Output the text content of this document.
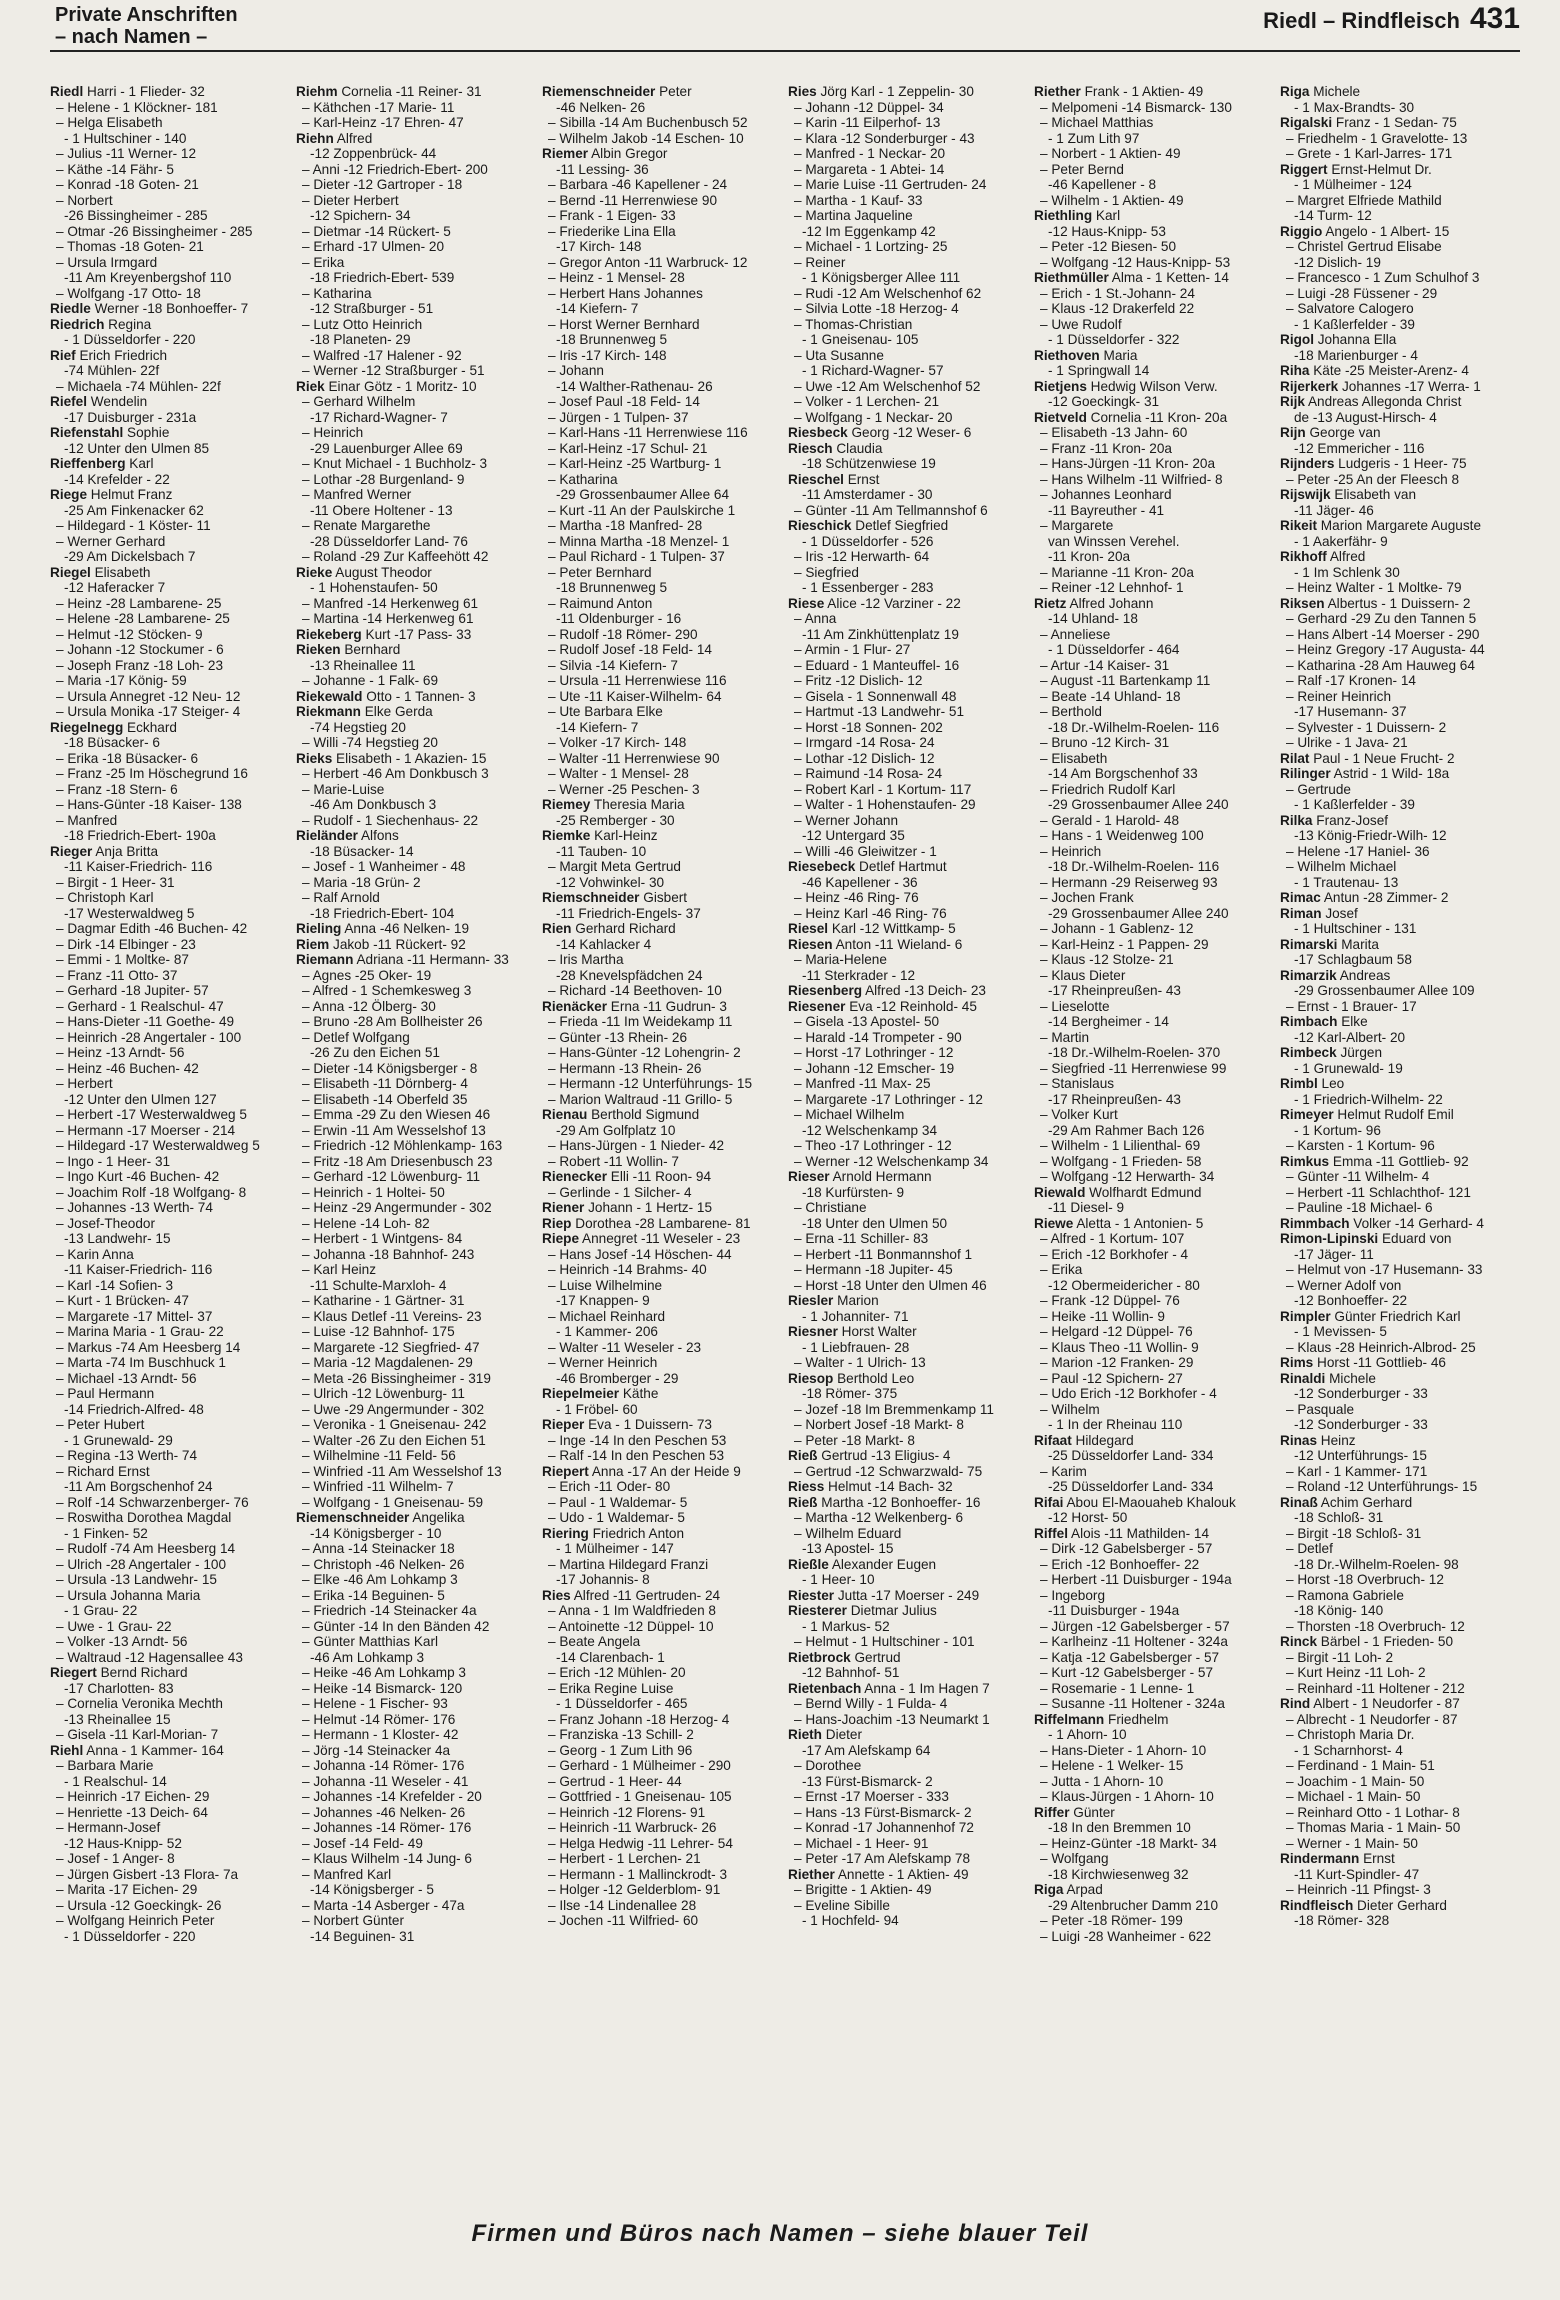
Private Anschriften
– nach Namen –
Riedl – Rindfleisch 431
Riedl Harri - 1 Flieder- 32
– Helene - 1 Klöckner- 181
– Helga Elisabeth
- 1 Hultschiner - 140
– Julius -11 Werner- 12
– Käthe -14 Fähr- 5
– Konrad -18 Goten- 21
– Norbert
-26 Bissingheimer - 285
– Otmar -26 Bissingheimer - 285
– Thomas -18 Goten- 21
– Ursula Irmgard
-11 Am Kreyenbergshof 110
– Wolfgang -17 Otto- 18
Riedle Werner -18 Bonhoeffer- 7
Riedrich Regina
- 1 Düsseldorfer - 220
Rief Erich Friedrich
-74 Mühlen- 22f
– Michaela -74 Mühlen- 22f
Riefel Wendelin
-17 Duisburger - 231a
Riefenstahl Sophie
-12 Unter den Ulmen 85
Rieffenberg Karl
-14 Krefelder - 22
Riege Helmut Franz
-25 Am Finkenacker 62
– Hildegard - 1 Köster- 11
– Werner Gerhard
-29 Am Dickelsbach 7
Riegel Elisabeth
-12 Haferacker 7
– Heinz -28 Lambarene- 25
– Helene -28 Lambarene- 25
– Helmut -12 Stöcken- 9
– Johann -12 Stockumer - 6
– Joseph Franz -18 Loh- 23
– Maria -17 König- 59
– Ursula Annegret -12 Neu- 12
– Ursula Monika -17 Steiger- 4
Riegelnegg Eckhard
-18 Büsacker- 6
– Erika -18 Büsacker- 6
– Franz -25 Im Höschegrund 16
– Franz -18 Stern- 6
– Hans-Günter -18 Kaiser- 138
– Manfred
-18 Friedrich-Ebert- 190a
Rieger Anja Britta
-11 Kaiser-Friedrich- 116
– Birgit - 1 Heer- 31
– Christoph Karl
-17 Westerwaldweg 5
– Dagmar Edith -46 Buchen- 42
– Dirk -14 Elbinger - 23
– Emmi - 1 Moltke- 87
– Franz -11 Otto- 37
– Gerhard -18 Jupiter- 57
– Gerhard - 1 Realschul- 47
– Hans-Dieter -11 Goethe- 49
– Heinrich -28 Angertaler - 100
– Heinz -13 Arndt- 56
– Heinz -46 Buchen- 42
– Herbert
-12 Unter den Ulmen 127
– Herbert -17 Westerwaldweg 5
– Hermann -17 Moerser - 214
– Hildegard -17 Westerwaldweg 5
– Ingo - 1 Heer- 31
– Ingo Kurt -46 Buchen- 42
– Joachim Rolf -18 Wolfgang- 8
– Johannes -13 Werth- 74
– Josef-Theodor
-13 Landwehr- 15
– Karin Anna
-11 Kaiser-Friedrich- 116
– Karl -14 Sofien- 3
– Kurt - 1 Brücken- 47
– Margarete -17 Mittel- 37
– Marina Maria - 1 Grau- 22
– Markus -74 Am Heesberg 14
– Marta -74 Im Buschhuck 1
– Michael -13 Arndt- 56
– Paul Hermann
-14 Friedrich-Alfred- 48
– Peter Hubert
- 1 Grunewald- 29
– Regina -13 Werth- 74
– Richard Ernst
-11 Am Borgschenhof 24
– Rolf -14 Schwarzenberger- 76
– Roswitha Dorothea Magdal
- 1 Finken- 52
– Rudolf -74 Am Heesberg 14
– Ulrich -28 Angertaler - 100
– Ursula -13 Landwehr- 15
– Ursula Johanna Maria
- 1 Grau- 22
– Uwe - 1 Grau- 22
– Volker -13 Arndt- 56
– Waltraud -12 Hagensallee 43
Riegert Bernd Richard
-17 Charlotten- 83
– Cornelia Veronika Mechth
-13 Rheinallee 15
– Gisela -11 Karl-Morian- 7
Riehl Anna - 1 Kammer- 164
– Barbara Marie
- 1 Realschul- 14
– Heinrich -17 Eichen- 29
– Henriette -13 Deich- 64
– Hermann-Josef
-12 Haus-Knipp- 52
– Josef - 1 Anger- 8
– Jürgen Gisbert -13 Flora- 7a
– Marita -17 Eichen- 29
– Ursula -12 Goeckingk- 26
– Wolfgang Heinrich Peter
- 1 Düsseldorfer - 220
Riehm Cornelia -11 Reiner- 31
– Käthchen -17 Marie- 11
– Karl-Heinz -17 Ehren- 47
Riehn Alfred
-12 Zoppenbrück- 44
– Anni -12 Friedrich-Ebert- 200
– Dieter -12 Gartroper - 18
– Dieter Herbert
-12 Spichern- 34
– Dietmar -14 Rückert- 5
– Erhard -17 Ulmen- 20
– Erika
-18 Friedrich-Ebert- 539
– Katharina
-12 Straßburger - 51
– Lutz Otto Heinrich
-18 Planeten- 29
– Walfred -17 Halener - 92
– Werner -12 Straßburger - 51
Riek Einar Götz - 1 Moritz- 10
– Gerhard Wilhelm
-17 Richard-Wagner- 7
– Heinrich
-29 Lauenburger Allee 69
– Knut Michael - 1 Buchholz- 3
– Lothar -28 Burgenland- 9
– Manfred Werner
-11 Obere Holtener - 13
– Renate Margarethe
-28 Düsseldorfer Land- 76
– Roland -29 Zur Kaffeehött 42
Rieke August Theodor
- 1 Hohenstaufen- 50
– Manfred -14 Herkenweg 61
– Martina -14 Herkenweg 61
Riekeberg Kurt -17 Pass- 33
Rieken Bernhard
-13 Rheinallee 11
– Johanne - 1 Falk- 69
Riekewald Otto - 1 Tannen- 3
Riekmann Elke Gerda
-74 Hegstieg 20
– Willi -74 Hegstieg 20
Rieks Elisabeth - 1 Akazien- 15
– Herbert -46 Am Donkbusch 3
– Marie-Luise
-46 Am Donkbusch 3
– Rudolf - 1 Siechenhaus- 22
Rieländer Alfons
-18 Büsacker- 14
– Josef - 1 Wanheimer - 48
– Maria -18 Grün- 2
– Ralf Arnold
-18 Friedrich-Ebert- 104
Rieling Anna -46 Nelken- 19
Riem Jakob -11 Rückert- 92
Riemann Adriana -11 Hermann- 33
– Agnes -25 Oker- 19
– Alfred - 1 Schemkesweg 3
– Anna -12 Ölberg- 30
– Bruno -28 Am Bollheister 26
– Detlef Wolfgang
-26 Zu den Eichen 51
– Dieter -14 Königsberger - 8
– Elisabeth -11 Dörnberg- 4
– Elisabeth -14 Oberfeld 35
– Emma -29 Zu den Wiesen 46
– Erwin -11 Am Wesselshof 13
– Friedrich -12 Möhlenkamp- 163
– Fritz -18 Am Driesenbusch 23
– Gerhard -12 Löwenburg- 11
– Heinrich - 1 Holtei- 50
– Heinz -29 Angermunder - 302
– Helene -14 Loh- 82
– Herbert - 1 Wintgens- 84
– Johanna -18 Bahnhof- 243
– Karl Heinz
-11 Schulte-Marxloh- 4
– Katharine - 1 Gärtner- 31
– Klaus Detlef -11 Vereins- 23
– Luise -12 Bahnhof- 175
– Margarete -12 Siegfried- 47
– Maria -12 Magdalenen- 29
– Meta -26 Bissingheimer - 319
– Ulrich -12 Löwenburg- 11
– Uwe -29 Angermunder - 302
– Veronika - 1 Gneisenau- 242
– Walter -26 Zu den Eichen 51
– Wilhelmine -11 Feld- 56
– Winfried -11 Am Wesselshof 13
– Winfried -11 Wilhelm- 7
– Wolfgang - 1 Gneisenau- 59
Riemenschneider Angelika
-14 Königsberger - 10
– Anna -14 Steinacker 18
– Christoph -46 Nelken- 26
– Elke -46 Am Lohkamp 3
– Erika -14 Beguinen- 5
– Friedrich -14 Steinacker 4a
– Günter -14 In den Bänden 42
– Günter Matthias Karl
-46 Am Lohkamp 3
– Heike -46 Am Lohkamp 3
– Heike -14 Bismarck- 120
– Helene - 1 Fischer- 93
– Helmut -14 Römer- 176
– Hermann - 1 Kloster- 42
– Jörg -14 Steinacker 4a
– Johanna -14 Römer- 176
– Johanna -11 Weseler - 41
– Johannes -14 Krefelder - 20
– Johannes -46 Nelken- 26
– Johannes -14 Römer- 176
– Josef -14 Feld- 49
– Klaus Wilhelm -14 Jung- 6
– Manfred Karl
-14 Königsberger - 5
– Marta -14 Asberger - 47a
– Norbert Günter
-14 Beguinen- 31
Riemenschneider Peter
-46 Nelken- 26
– Sibilla -14 Am Buchenbusch 52
– Wilhelm Jakob -14 Eschen- 10
Riemer Albin Gregor
-11 Lessing- 36
– Barbara -46 Kapellener - 24
– Bernd -11 Herrenwiese 90
– Frank - 1 Eigen- 33
– Friederike Lina Ella
-17 Kirch- 148
– Gregor Anton -11 Warbruck- 12
– Heinz - 1 Mensel- 28
– Herbert Hans Johannes
-14 Kiefern- 7
– Horst Werner Bernhard
-18 Brunnenweg 5
– Iris -17 Kirch- 148
– Johann
-14 Walther-Rathenau- 26
– Josef Paul -18 Feld- 14
– Jürgen - 1 Tulpen- 37
– Karl-Hans -11 Herrenwiese 116
– Karl-Heinz -17 Schul- 21
– Karl-Heinz -25 Wartburg- 1
– Katharina
-29 Grossenbaumer Allee 64
– Kurt -11 An der Paulskirche 1
– Martha -18 Manfred- 28
– Minna Martha -18 Menzel- 1
– Paul Richard - 1 Tulpen- 37
– Peter Bernhard
-18 Brunnenweg 5
– Raimund Anton
-11 Oldenburger - 16
– Rudolf -18 Römer- 290
– Rudolf Josef -18 Feld- 14
– Silvia -14 Kiefern- 7
– Ursula -11 Herrenwiese 116
– Ute -11 Kaiser-Wilhelm- 64
– Ute Barbara Elke
-14 Kiefern- 7
– Volker -17 Kirch- 148
– Walter -11 Herrenwiese 90
– Walter - 1 Mensel- 28
– Werner -25 Peschen- 3
Riemey Theresia Maria
-25 Remberger - 30
Riemke Karl-Heinz
-11 Tauben- 10
– Margit Meta Gertrud
-12 Vohwinkel- 30
Riemschneider Gisbert
-11 Friedrich-Engels- 37
Rien Gerhard Richard
-14 Kahlacker 4
– Iris Martha
-28 Knevelspfädchen 24
– Richard -14 Beethoven- 10
Rienäcker Erna -11 Gudrun- 3
– Frieda -11 Im Weidekamp 11
– Günter -13 Rhein- 26
– Hans-Günter -12 Lohengrin- 2
– Hermann -13 Rhein- 26
– Hermann -12 Unterführungs- 15
– Marion Waltraud -11 Grillo- 5
Rienau Berthold Sigmund
-29 Am Golfplatz 10
– Hans-Jürgen - 1 Nieder- 42
– Robert -11 Wollin- 7
Rienecker Elli -11 Roon- 94
– Gerlinde - 1 Silcher- 4
Riener Johann - 1 Hertz- 15
Riep Dorothea -28 Lambarene- 81
Riepe Annegret -11 Weseler - 23
– Hans Josef -14 Höschen- 44
– Heinrich -14 Brahms- 40
– Luise Wilhelmine
-17 Knappen- 9
– Michael Reinhard
- 1 Kammer- 206
– Walter -11 Weseler - 23
– Werner Heinrich
-46 Bromberger - 29
Riepelmeier Käthe
- 1 Fröbel- 60
Rieper Eva - 1 Duissern- 73
– Inge -14 In den Peschen 53
– Ralf -14 In den Peschen 53
Riepert Anna -17 An der Heide 9
– Erich -11 Oder- 80
– Paul - 1 Waldemar- 5
– Udo - 1 Waldemar- 5
Riering Friedrich Anton
- 1 Mülheimer - 147
– Martina Hildegard Franzi
-17 Johannis- 8
Ries Alfred -11 Gertruden- 24
– Anna - 1 Im Waldfrieden 8
– Antoinette -12 Düppel- 10
– Beate Angela
-14 Clarenbach- 1
– Erich -12 Mühlen- 20
– Erika Regine Luise
- 1 Düsseldorfer - 465
– Franz Johann -18 Herzog- 4
– Franziska -13 Schill- 2
– Georg - 1 Zum Lith 96
– Gerhard - 1 Mülheimer - 290
– Gertrud - 1 Heer- 44
– Gottfried - 1 Gneisenau- 105
– Heinrich -12 Florens- 91
– Heinrich -11 Warbruck- 26
– Helga Hedwig -11 Lehrer- 54
– Herbert - 1 Lerchen- 21
– Hermann - 1 Mallinckrodt- 3
– Holger -12 Gelderblom- 91
– Ilse -14 Lindenallee 28
– Jochen -11 Wilfried- 60
Ries Jörg Karl - 1 Zeppelin- 30
– Johann -12 Düppel- 34
– Karin -11 Eilperhof- 13
– Klara -12 Sonderburger - 43
– Manfred - 1 Neckar- 20
– Margareta - 1 Abtei- 14
– Marie Luise -11 Gertruden- 24
– Martha - 1 Kauf- 33
– Martina Jaqueline
-12 Im Eggenkamp 42
– Michael - 1 Lortzing- 25
– Reiner
- 1 Königsberger Allee 111
– Rudi -12 Am Welschenhof 62
– Silvia Lotte -18 Herzog- 4
– Thomas-Christian
- 1 Gneisenau- 105
– Uta Susanne
- 1 Richard-Wagner- 57
– Uwe -12 Am Welschenhof 52
– Volker - 1 Lerchen- 21
– Wolfgang - 1 Neckar- 20
Riesbeck Georg -12 Weser- 6
Riesch Claudia
-18 Schützenwiese 19
Rieschel Ernst
-11 Amsterdamer - 30
– Günter -11 Am Tellmannshof 6
Rieschick Detlef Siegfried
- 1 Düsseldorfer - 526
– Iris -12 Herwarth- 64
– Siegfried
- 1 Essenberger - 283
Riese Alice -12 Varziner - 22
– Anna
-11 Am Zinkhüttenplatz 19
– Armin - 1 Flur- 27
– Eduard - 1 Manteuffel- 16
– Fritz -12 Dislich- 12
– Gisela - 1 Sonnenwall 48
– Hartmut -13 Landwehr- 51
– Horst -18 Sonnen- 202
– Irmgard -14 Rosa- 24
– Lothar -12 Dislich- 12
– Raimund -14 Rosa- 24
– Robert Karl - 1 Kortum- 117
– Walter - 1 Hohenstaufen- 29
– Werner Johann
-12 Untergard 35
– Willi -46 Gleiwitzer - 1
Riesebeck Detlef Hartmut
-46 Kapellener - 36
– Heinz -46 Ring- 76
– Heinz Karl -46 Ring- 76
Riesel Karl -12 Wittkamp- 5
Riesen Anton -11 Wieland- 6
– Maria-Helene
-11 Sterkrader - 12
Riesenberg Alfred -13 Deich- 23
Riesener Eva -12 Reinhold- 45
– Gisela -13 Apostel- 50
– Harald -14 Trompeter - 90
– Horst -17 Lothringer - 12
– Johann -12 Emscher- 19
– Manfred -11 Max- 25
– Margarete -17 Lothringer - 12
– Michael Wilhelm
-12 Welschenkamp 34
– Theo -17 Lothringer - 12
– Werner -12 Welschenkamp 34
Rieser Arnold Hermann
-18 Kurfürsten- 9
– Christiane
-18 Unter den Ulmen 50
– Erna -11 Schiller- 83
– Herbert -11 Bonmannshof 1
– Hermann -18 Jupiter- 45
– Horst -18 Unter den Ulmen 46
Riesler Marion
- 1 Johanniter- 71
Riesner Horst Walter
- 1 Liebfrauen- 28
– Walter - 1 Ulrich- 13
Riesop Berthold Leo
-18 Römer- 375
– Jozef -18 Im Bremmenkamp 11
– Norbert Josef -18 Markt- 8
– Peter -18 Markt- 8
Rieß Gertrud -13 Eligius- 4
– Gertrud -12 Schwarzwald- 75
Riess Helmut -14 Bach- 32
Rieß Martha -12 Bonhoeffer- 16
– Martha -12 Welkenberg- 6
– Wilhelm Eduard
-13 Apostel- 15
Rießle Alexander Eugen
- 1 Heer- 10
Riester Jutta -17 Moerser - 249
Riesterer Dietmar Julius
- 1 Markus- 52
– Helmut - 1 Hultschiner - 101
Rietbrock Gertrud
-12 Bahnhof- 51
Rietenbach Anna - 1 Im Hagen 7
– Bernd Willy - 1 Fulda- 4
– Hans-Joachim -13 Neumarkt 1
Rieth Dieter
-17 Am Alefskamp 64
– Dorothee
-13 Fürst-Bismarck- 2
– Ernst -17 Moerser - 333
– Hans -13 Fürst-Bismarck- 2
– Konrad -17 Johannenhof 72
– Michael - 1 Heer- 91
– Peter -17 Am Alefskamp 78
Riether Annette - 1 Aktien- 49
– Brigitte - 1 Aktien- 49
– Eveline Sibille
- 1 Hochfeld- 94
Riether Frank - 1 Aktien- 49
– Melpomeni -14 Bismarck- 130
– Michael Matthias
- 1 Zum Lith 97
– Norbert - 1 Aktien- 49
– Peter Bernd
-46 Kapellener - 8
– Wilhelm - 1 Aktien- 49
Riethling Karl
-12 Haus-Knipp- 53
– Peter -12 Biesen- 50
– Wolfgang -12 Haus-Knipp- 53
Riethmüller Alma - 1 Ketten- 14
– Erich - 1 St.-Johann- 24
– Klaus -12 Drakerfeld 22
– Uwe Rudolf
- 1 Düsseldorfer - 322
Riethoven Maria
- 1 Springwall 14
Rietjens Hedwig Wilson Verw.
-12 Goeckingk- 31
Rietveld Cornelia -11 Kron- 20a
– Elisabeth -13 Jahn- 60
– Franz -11 Kron- 20a
– Hans-Jürgen -11 Kron- 20a
– Hans Wilhelm -11 Wilfried- 8
– Johannes Leonhard
-11 Bayreuther - 41
– Margarete
van Winssen Verehel.
-11 Kron- 20a
– Marianne -11 Kron- 20a
– Reiner -12 Lehnhof- 1
Rietz Alfred Johann
-14 Uhland- 18
– Anneliese
- 1 Düsseldorfer - 464
– Artur -14 Kaiser- 31
– August -11 Bartenkamp 11
– Beate -14 Uhland- 18
– Berthold
-18 Dr.-Wilhelm-Roelen- 116
– Bruno -12 Kirch- 31
– Elisabeth
-14 Am Borgschenhof 33
– Friedrich Rudolf Karl
-29 Grossenbaumer Allee 240
– Gerald - 1 Harold- 48
– Hans - 1 Weidenweg 100
– Heinrich
-18 Dr.-Wilhelm-Roelen- 116
– Hermann -29 Reiserweg 93
– Jochen Frank
-29 Grossenbaumer Allee 240
– Johann - 1 Gablenz- 12
– Karl-Heinz - 1 Pappen- 29
– Klaus -12 Stolze- 21
– Klaus Dieter
-17 Rheinpreußen- 43
– Lieselotte
-14 Bergheimer - 14
– Martin
-18 Dr.-Wilhelm-Roelen- 370
– Siegfried -11 Herrenwiese 99
– Stanislaus
-17 Rheinpreußen- 43
– Volker Kurt
-29 Am Rahmer Bach 126
– Wilhelm - 1 Lilienthal- 69
– Wolfgang - 1 Frieden- 58
– Wolfgang -12 Herwarth- 34
Riewald Wolfhardt Edmund
-11 Diesel- 9
Riewe Aletta - 1 Antonien- 5
– Alfred - 1 Kortum- 107
– Erich -12 Borkhofer - 4
– Erika
-12 Obermeidericher - 80
– Frank -12 Düppel- 76
– Heike -11 Wollin- 9
– Helgard -12 Düppel- 76
– Klaus Theo -11 Wollin- 9
– Marion -12 Franken- 29
– Paul -12 Spichern- 27
– Udo Erich -12 Borkhofer - 4
– Wilhelm
- 1 In der Rheinau 110
Rifaat Hildegard
-25 Düsseldorfer Land- 334
– Karim
-25 Düsseldorfer Land- 334
Rifai Abou El-Maouaheb Khalouk
-12 Horst- 50
Riffel Alois -11 Mathilden- 14
– Dirk -12 Gabelsberger - 57
– Erich -12 Bonhoeffer- 22
– Herbert -11 Duisburger - 194a
– Ingeborg
-11 Duisburger - 194a
– Jürgen -12 Gabelsberger - 57
– Karlheinz -11 Holtener - 324a
– Katja -12 Gabelsberger - 57
– Kurt -12 Gabelsberger - 57
– Rosemarie - 1 Lenne- 1
– Susanne -11 Holtener - 324a
Riffelmann Friedhelm
- 1 Ahorn- 10
– Hans-Dieter - 1 Ahorn- 10
– Helene - 1 Welker- 15
– Jutta - 1 Ahorn- 10
– Klaus-Jürgen - 1 Ahorn- 10
Riffer Günter
-18 In den Bremmen 10
– Heinz-Günter -18 Markt- 34
– Wolfgang
-18 Kirchwiesenweg 32
Riga Arpad
-29 Altenbrucher Damm 210
– Peter -18 Römer- 199
– Luigi -28 Wanheimer - 622
Riga Michele
- 1 Max-Brandts- 30
Rigalski Franz - 1 Sedan- 75
– Friedhelm - 1 Gravelotte- 13
– Grete - 1 Karl-Jarres- 171
Riggert Ernst-Helmut Dr.
- 1 Mülheimer - 124
– Margret Elfriede Mathild
-14 Turm- 12
Riggio Angelo - 1 Albert- 15
– Christel Gertrud Elisabe
-12 Dislich- 19
– Francesco - 1 Zum Schulhof 3
– Luigi -28 Füssener - 29
– Salvatore Calogero
- 1 Kaßlerfelder - 39
Rigol Johanna Ella
-18 Marienburger - 4
Riha Käte -25 Meister-Arenz- 4
Rijerkerk Johannes -17 Werra- 1
Rijk Andreas Allegonda Christ
de -13 August-Hirsch- 4
Rijn George van
-12 Emmericher - 116
Rijnders Ludgeris - 1 Heer- 75
– Peter -25 An der Fleesch 8
Rijswijk Elisabeth van
-11 Jäger- 46
Rikeit Marion Margarete Auguste
- 1 Aakerfähr- 9
Rikhoff Alfred
- 1 Im Schlenk 30
– Heinz Walter - 1 Moltke- 79
Riksen Albertus - 1 Duissern- 2
– Gerhard -29 Zu den Tannen 5
– Hans Albert -14 Moerser - 290
– Heinz Gregory -17 Augusta- 44
– Katharina -28 Am Hauweg 64
– Ralf -17 Kronen- 14
– Reiner Heinrich
-17 Husemann- 37
– Sylvester - 1 Duissern- 2
– Ulrike - 1 Java- 21
Rilat Paul - 1 Neue Frucht- 2
Rilinger Astrid - 1 Wild- 18a
– Gertrude
- 1 Kaßlerfelder - 39
Rilka Franz-Josef
-13 König-Friedr-Wilh- 12
– Helene -17 Haniel- 36
– Wilhelm Michael
- 1 Trautenau- 13
Rimac Antun -28 Zimmer- 2
Riman Josef
- 1 Hultschiner - 131
Rimarski Marita
-17 Schlagbaum 58
Rimarzik Andreas
-29 Grossenbaumer Allee 109
– Ernst - 1 Brauer- 17
Rimbach Elke
-12 Karl-Albert- 20
Rimbeck Jürgen
- 1 Grunewald- 19
Rimbl Leo
- 1 Friedrich-Wilhelm- 22
Rimeyer Helmut Rudolf Emil
- 1 Kortum- 96
– Karsten - 1 Kortum- 96
Rimkus Emma -11 Gottlieb- 92
– Günter -11 Wilhelm- 4
– Herbert -11 Schlachthof- 121
– Pauline -18 Michael- 6
Rimmbach Volker -14 Gerhard- 4
Rimon-Lipinski Eduard von
-17 Jäger- 11
– Helmut von -17 Husemann- 33
– Werner Adolf von
-12 Bonhoeffer- 22
Rimpler Günter Friedrich Karl
- 1 Mevissen- 5
– Klaus -28 Heinrich-Albrod- 25
Rims Horst -11 Gottlieb- 46
Rinaldi Michele
-12 Sonderburger - 33
– Pasquale
-12 Sonderburger - 33
Rinas Heinz
-12 Unterführungs- 15
– Karl - 1 Kammer- 171
– Roland -12 Unterführungs- 15
Rinaß Achim Gerhard
-18 Schloß- 31
– Birgit -18 Schloß- 31
– Detlef
-18 Dr.-Wilhelm-Roelen- 98
– Horst -18 Overbruch- 12
– Ramona Gabriele
-18 König- 140
– Thorsten -18 Overbruch- 12
Rinck Bärbel - 1 Frieden- 50
– Birgit -11 Loh- 2
– Kurt Heinz -11 Loh- 2
– Reinhard -11 Holtener - 212
Rind Albert - 1 Neudorfer - 87
– Albrecht - 1 Neudorfer - 87
– Christoph Maria Dr.
- 1 Scharnhorst- 4
– Ferdinand - 1 Main- 51
– Joachim - 1 Main- 50
– Michael - 1 Main- 50
– Reinhard Otto - 1 Lothar- 8
– Thomas Maria - 1 Main- 50
– Werner - 1 Main- 50
Rindermann Ernst
-11 Kurt-Spindler- 47
– Heinrich -11 Pfingst- 3
Rindfleisch Dieter Gerhard
-18 Römer- 328
Firmen und Büros nach Namen – siehe blauer Teil
